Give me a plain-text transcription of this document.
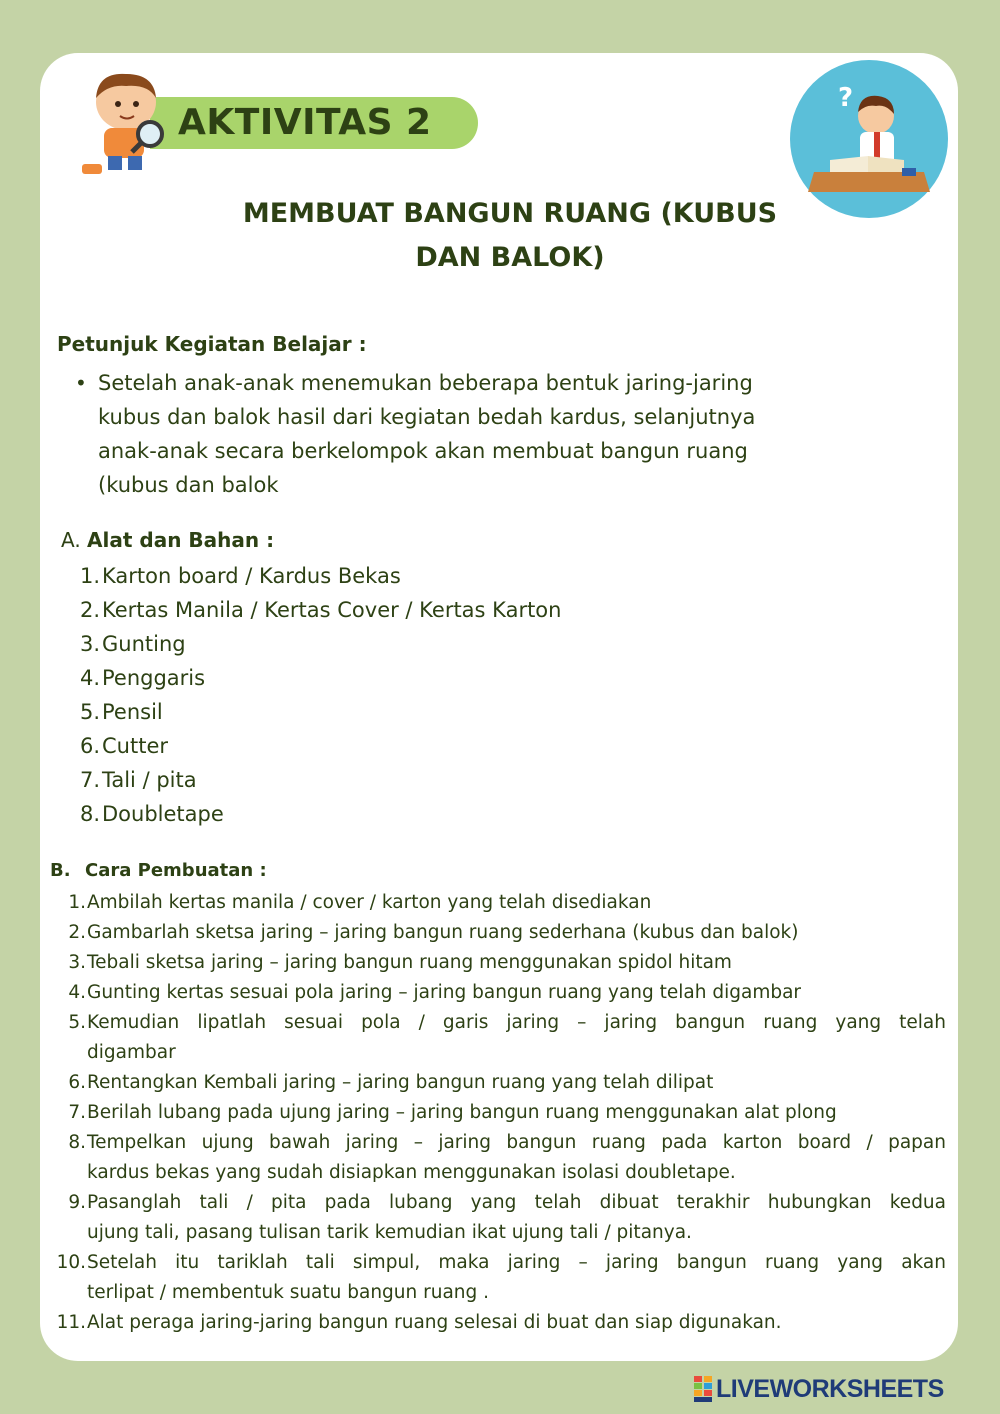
AKTIVITAS 2
?
MEMBUAT BANGUN RUANG (KUBUS
DAN BALOK)
Petunjuk Kegiatan Belajar :
• Setelah anak-anak menemukan beberapa bentuk jaring-jaring
kubus dan balok hasil dari kegiatan bedah kardus, selanjutnya
anak-anak secara berkelompok akan membuat bangun ruang
(kubus dan balok
A. Alat dan Bahan :
1. Karton board / Kardus Bekas
2. Kertas Manila / Kertas Cover / Kertas Karton
3. Gunting
4. Penggaris
5. Pensil
6. Cutter
7. Tali / pita
8. Doubletape
B. Cara Pembuatan :
1. Ambilah kertas manila / cover / karton yang telah disediakan
2. Gambarlah sketsa jaring – jaring bangun ruang sederhana (kubus dan balok)
3. Tebali sketsa jaring – jaring bangun ruang menggunakan spidol hitam
4. Gunting kertas sesuai pola jaring – jaring bangun ruang yang telah digambar
5. Kemudian lipatlah sesuai pola / garis jaring – jaring bangun ruang yang telah
digambar
6. Rentangkan Kembali jaring – jaring bangun ruang yang telah dilipat
7. Berilah lubang pada ujung jaring – jaring bangun ruang menggunakan alat plong
8. Tempelkan ujung bawah jaring – jaring bangun ruang pada karton board / papan
kardus bekas yang sudah disiapkan menggunakan isolasi doubletape.
9. Pasanglah tali / pita pada lubang yang telah dibuat terakhir hubungkan kedua
ujung tali, pasang tulisan tarik kemudian ikat ujung tali / pitanya.
10. Setelah itu tariklah tali simpul, maka jaring – jaring bangun ruang yang akan
terlipat / membentuk suatu bangun ruang .
11. Alat peraga jaring-jaring bangun ruang selesai di buat dan siap digunakan.
LIVEWORKSHEETS
